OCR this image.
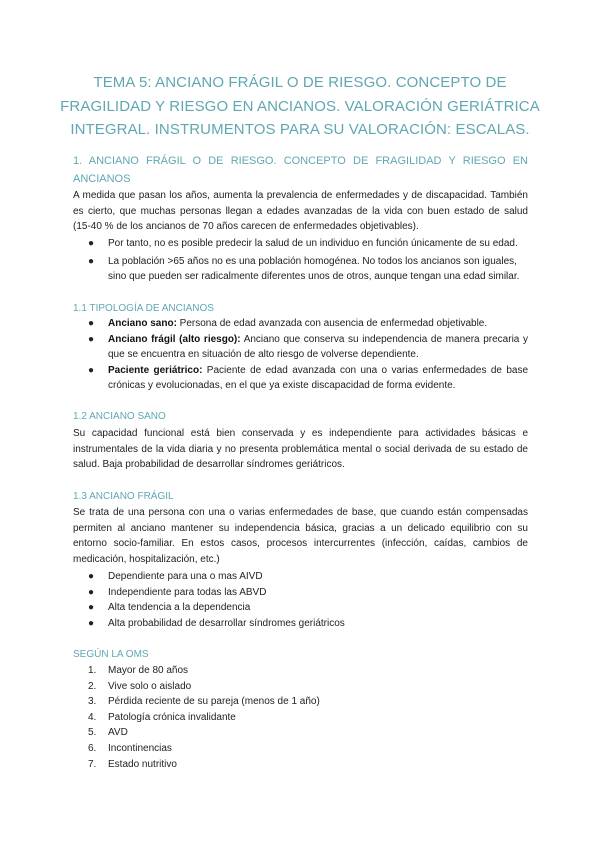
TEMA 5: ANCIANO FRÁGIL O DE RIESGO. CONCEPTO DE
FRAGILIDAD Y RIESGO EN ANCIANOS. VALORACIÓN GERIÁTRICA
INTEGRAL. INSTRUMENTOS PARA SU VALORACIÓN: ESCALAS.
1. ANCIANO FRÁGIL O DE RIESGO. CONCEPTO DE FRAGILIDAD Y RIESGO EN
ANCIANOS
A medida que pasan los años, aumenta la prevalencia de enfermedades y de discapacidad. También
es cierto, que muchas personas llegan a edades avanzadas de la vida con buen estado de salud
(15-40 % de los ancianos de 70 años carecen de enfermedades objetivables).
● Por tanto, no es posible predecir la salud de un individuo en función únicamente de su edad.
● La población >65 años no es una población homogénea. No todos los ancianos son iguales,
sino que pueden ser radicalmente diferentes unos de otros, aunque tengan una edad similar.
1.1 TIPOLOGÍA DE ANCIANOS
● Anciano sano: Persona de edad avanzada con ausencia de enfermedad objetivable.
● Anciano frágil (alto riesgo): Anciano que conserva su independencia de manera precaria y
que se encuentra en situación de alto riesgo de volverse dependiente.
● Paciente geriátrico: Paciente de edad avanzada con una o varias enfermedades de base
crónicas y evolucionadas, en el que ya existe discapacidad de forma evidente.
1.2 ANCIANO SANO
Su capacidad funcional está bien conservada y es independiente para actividades básicas e
instrumentales de la vida diaria y no presenta problemática mental o social derivada de su estado de
salud. Baja probabilidad de desarrollar síndromes geriátricos.
1.3 ANCIANO FRÁGIL
Se trata de una persona con una o varias enfermedades de base, que cuando están compensadas
permiten al anciano mantener su independencia básica, gracias a un delicado equilibrio con su
entorno socio-familiar. En estos casos, procesos intercurrentes (infección, caídas, cambios de
medicación, hospitalización, etc.)
● Dependiente para una o mas AIVD
● Independiente para todas las ABVD
● Alta tendencia a la dependencia
● Alta probabilidad de desarrollar síndromes geriátricos
SEGÚN LA OMS
1. Mayor de 80 años
2. Vive solo o aislado
3. Pérdida reciente de su pareja (menos de 1 año)
4. Patología crónica invalidante
5. AVD
6. Incontinencias
7. Estado nutritivo
